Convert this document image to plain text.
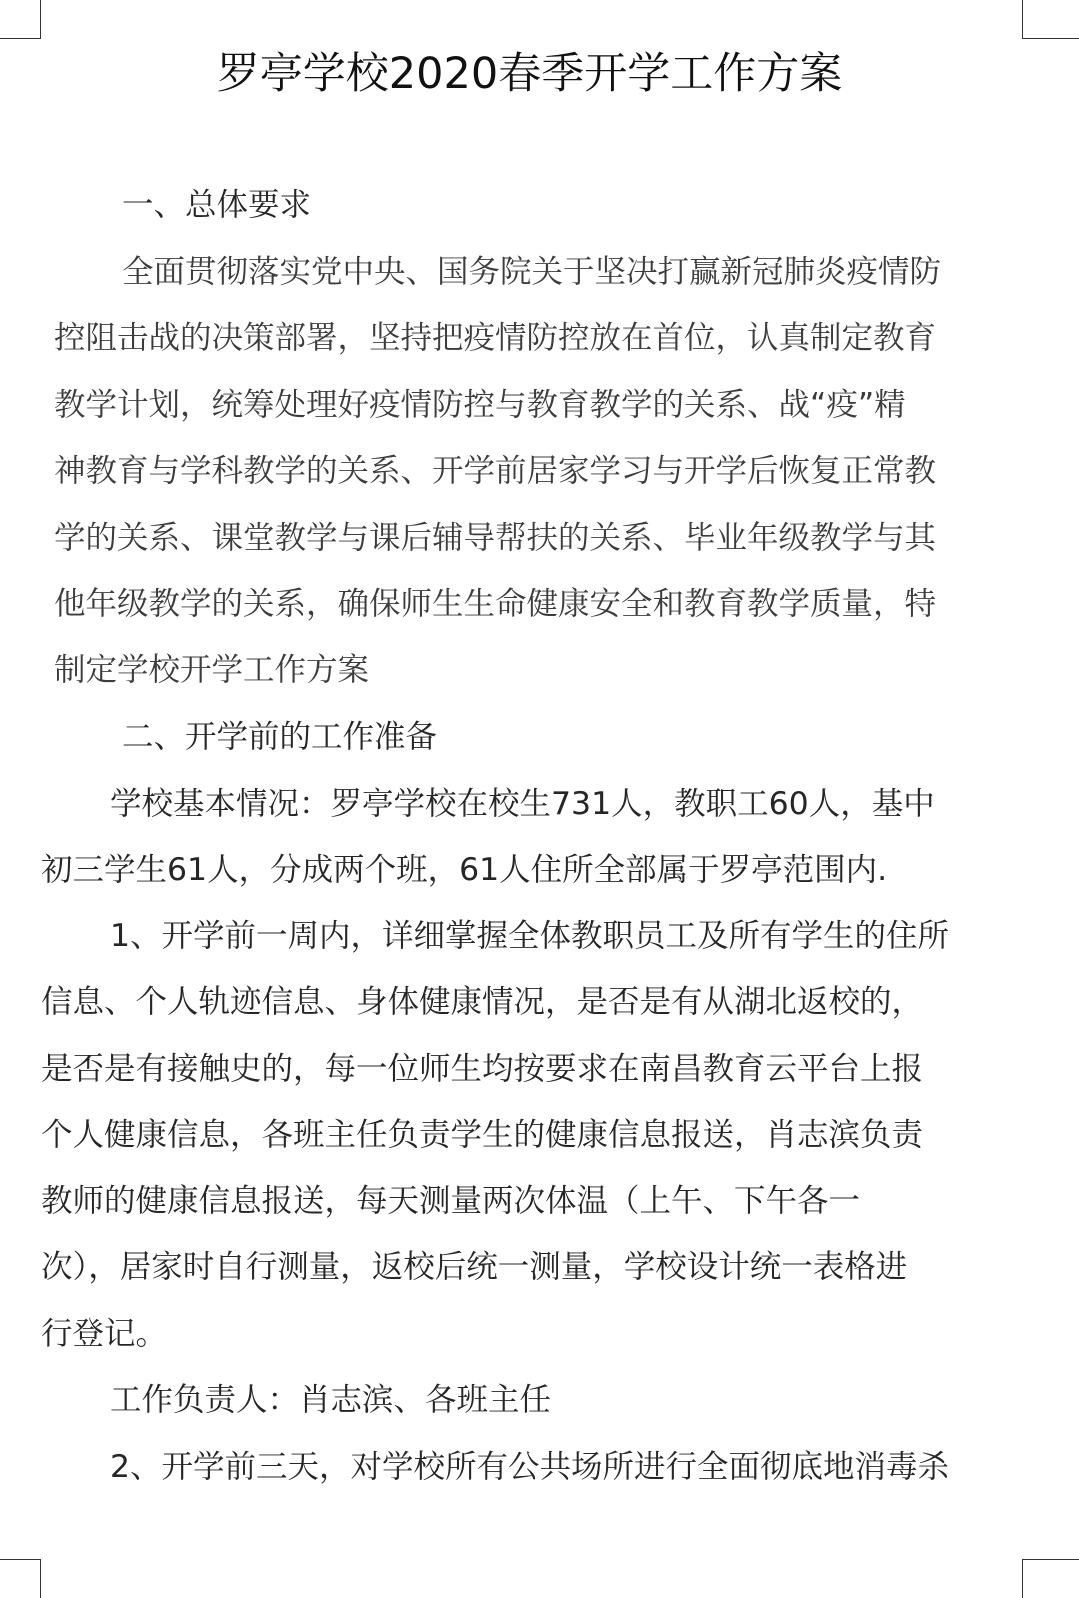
罗亭学校2020春季开学工作方案
一、总体要求
全面贯彻落实党中央、国务院关于坚决打赢新冠肺炎疫情防
控阻击战的决策部署，坚持把疫情防控放在首位，认真制定教育
教学计划，统筹处理好疫情防控与教育教学的关系、战“疫”精
神教育与学科教学的关系、开学前居家学习与开学后恢复正常教
学的关系、课堂教学与课后辅导帮扶的关系、毕业年级教学与其
他年级教学的关系，确保师生生命健康安全和教育教学质量，特
制定学校开学工作方案
二、开学前的工作准备
学校基本情况：罗亭学校在校生731人，教职工60人，基中
初三学生61人，分成两个班，61人住所全部属于罗亭范围内.
1、开学前一周内，详细掌握全体教职员工及所有学生的住所
信息、个人轨迹信息、身体健康情况，是否是有从湖北返校的，
是否是有接触史的，每一位师生均按要求在南昌教育云平台上报
个人健康信息，各班主任负责学生的健康信息报送，肖志滨负责
教师的健康信息报送，每天测量两次体温（上午、下午各一
次），居家时自行测量，返校后统一测量，学校设计统一表格进
行登记。
工作负责人：肖志滨、各班主任
2、开学前三天，对学校所有公共场所进行全面彻底地消毒杀
